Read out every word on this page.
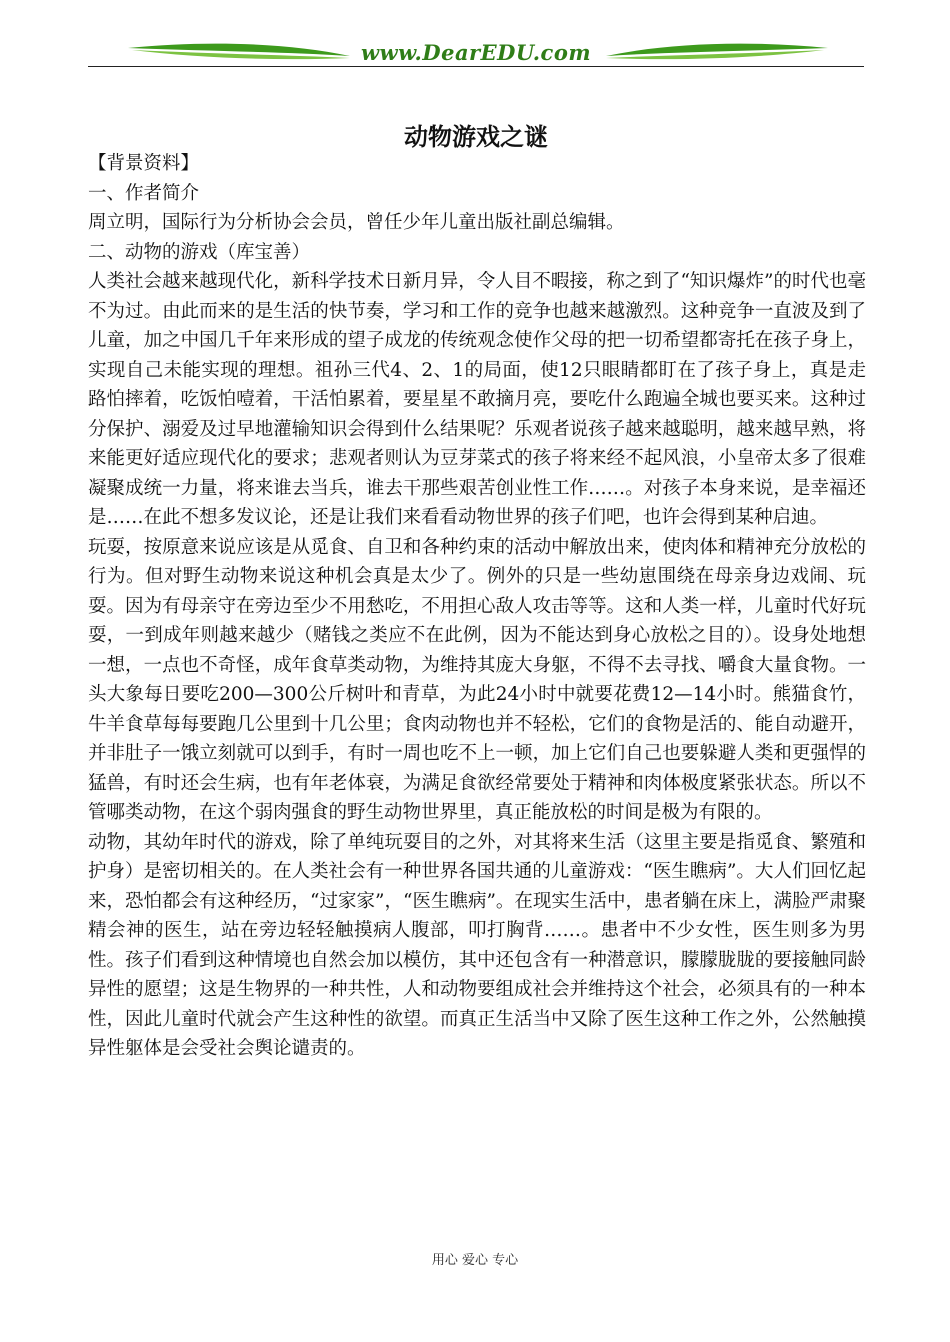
www.DearEDU.com
动物游戏之谜

【背景资料】

一、作者简介

周立明，国际行为分析协会会员，曾任少年儿童出版社副总编辑。

二、动物的游戏（库宝善）

人类社会越来越现代化，新科学技术日新月异，令人目不暇接，称之到了“知识爆炸”的时代也毫不为过。由此而来的是生活的快节奏，学习和工作的竞争也越来越激烈。这种竞争一直波及到了儿童，加之中国几千年来形成的望子成龙的传统观念使作父母的把一切希望都寄托在孩子身上，实现自己未能实现的理想。祖孙三代4、2、1的局面，使12只眼睛都盯在了孩子身上，真是走路怕摔着，吃饭怕噎着，干活怕累着，要星星不敢摘月亮，要吃什么跑遍全城也要买来。这种过分保护、溺爱及过早地灌输知识会得到什么结果呢？乐观者说孩子越来越聪明，越来越早熟，将来能更好适应现代化的要求；悲观者则认为豆芽菜式的孩子将来经不起风浪，小皇帝太多了很难凝聚成统一力量，将来谁去当兵，谁去干那些艰苦创业性工作……。对孩子本身来说，是幸福还是……在此不想多发议论，还是让我们来看看动物世界的孩子们吧，也许会得到某种启迪。

玩耍，按原意来说应该是从觅食、自卫和各种约束的活动中解放出来，使肉体和精神充分放松的行为。但对野生动物来说这种机会真是太少了。例外的只是一些幼崽围绕在母亲身边戏闹、玩耍。因为有母亲守在旁边至少不用愁吃，不用担心敌人攻击等等。这和人类一样，儿童时代好玩耍，一到成年则越来越少（赌钱之类应不在此例，因为不能达到身心放松之目的）。设身处地想一想，一点也不奇怪，成年食草类动物，为维持其庞大身躯，不得不去寻找、嚼食大量食物。一头大象每日要吃200—300公斤树叶和青草，为此24小时中就要花费12—14小时。熊猫食竹，牛羊食草每每要跑几公里到十几公里；食肉动物也并不轻松，它们的食物是活的、能自动避开，并非肚子一饿立刻就可以到手，有时一周也吃不上一顿，加上它们自己也要躲避人类和更强悍的猛兽，有时还会生病，也有年老体衰，为满足食欲经常要处于精神和肉体极度紧张状态。所以不管哪类动物，在这个弱肉强食的野生动物世界里，真正能放松的时间是极为有限的。

动物，其幼年时代的游戏，除了单纯玩耍目的之外，对其将来生活（这里主要是指觅食、繁殖和护身）是密切相关的。在人类社会有一种世界各国共通的儿童游戏：“医生瞧病”。大人们回忆起来，恐怕都会有这种经历，“过家家”，“医生瞧病”。在现实生活中，患者躺在床上，满脸严肃聚精会神的医生，站在旁边轻轻触摸病人腹部，叩打胸背……。患者中不少女性，医生则多为男性。孩子们看到这种情境也自然会加以模仿，其中还包含有一种潜意识，朦朦胧胧的要接触同龄异性的愿望；这是生物界的一种共性，人和动物要组成社会并维持这个社会，必须具有的一种本性，因此儿童时代就会产生这种性的欲望。而真正生活当中又除了医生这种工作之外，公然触摸异性躯体是会受社会舆论谴责的。

用心 爱心 专心
